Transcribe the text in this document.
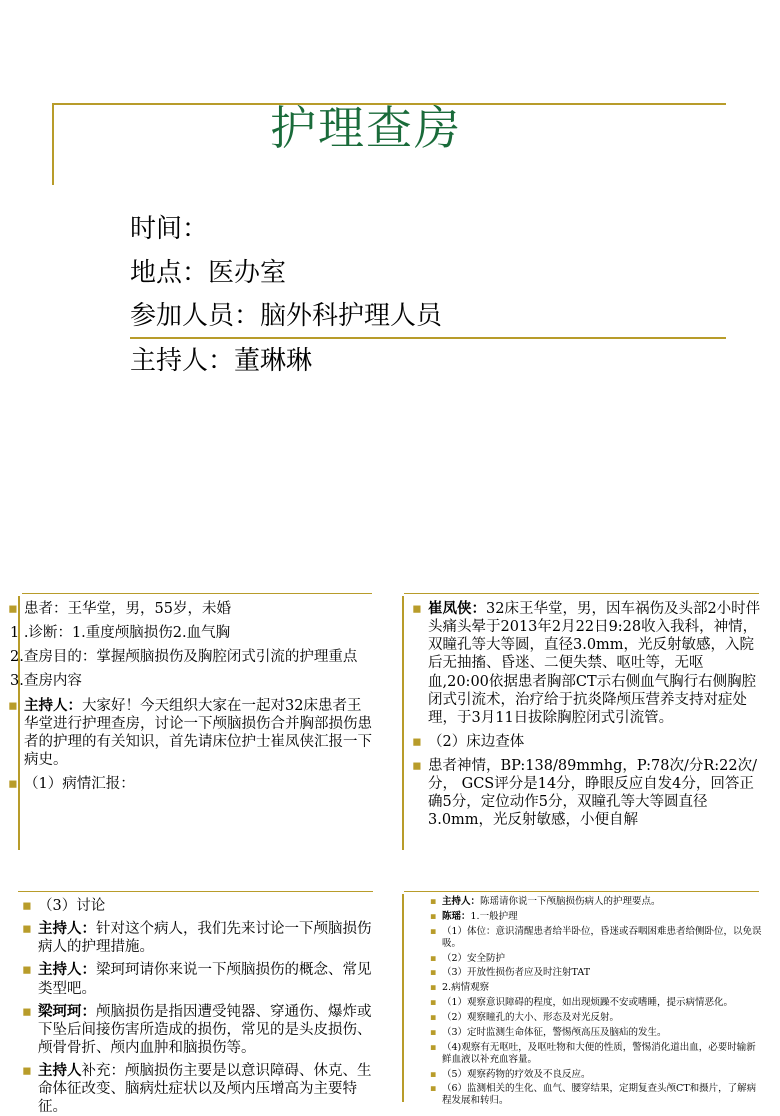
护理查房
时间：
地点：医办室
参加人员：脑外科护理人员
主持人：董琳琳
▪ 患者：王华堂，男，55岁，未婚
1 .诊断：1.重度颅脑损伤2.血气胸
2.查房目的：掌握颅脑损伤及胸腔闭式引流的护理重点
3.查房内容
▪ 主持人：大家好！今天组织大家在一起对32床患者王华堂进行护理查房，讨论一下颅脑损伤合并胸部损伤患者的护理的有关知识，首先请床位护士崔凤侠汇报一下病史。
▪ （1）病情汇报：
▪ 崔凤侠：32床王华堂，男，因车祸伤及头部2小时伴头痛头晕于2013年2月22日9:28收入我科，神情，双瞳孔等大等圆，直径3.0mm，光反射敏感，入院后无抽搐、昏迷、二便失禁、呕吐等，无呕血,20:00依据患者胸部CT示右侧血气胸行右侧胸腔闭式引流术，治疗给于抗炎降颅压营养支持对症处理，于3月11日拔除胸腔闭式引流管。
▪ （2）床边查体
▪ 患者神情，BP:138/89mmhg，P:78次/分R:22次/分， GCS评分是14分，睁眼反应自发4分，回答正确5分，定位动作5分，双瞳孔等大等圆直径3.0mm，光反射敏感，小便自解
▪ （3）讨论
▪ 主持人：针对这个病人，我们先来讨论一下颅脑损伤病人的护理措施。
▪ 主持人：梁珂珂请你来说一下颅脑损伤的概念、常见类型吧。
▪ 梁珂珂：颅脑损伤是指因遭受钝器、穿通伤、爆炸或下坠后间接伤害所造成的损伤，常见的是头皮损伤、颅骨骨折、颅内血肿和脑损伤等。
▪ 主持人补充：颅脑损伤主要是以意识障碍、休克、生命体征改变、脑病灶症状以及颅内压增高为主要特征。
▪ 主持人：陈瑶请你说一下颅脑损伤病人的护理要点。
▪ 陈瑶：1.一般护理
▪ （1）体位：意识清醒患者给半卧位，昏迷或吞咽困难患者给侧卧位，以免误吸。
▪ （2）安全防护
▪ （3）开放性损伤者应及时注射TAT
▪ 2.病情观察
▪ （1）观察意识障碍的程度，如出现烦躁不安或嗜睡，提示病情恶化。
▪ （2）观察瞳孔的大小、形态及对光反射。
▪ （3）定时监测生命体征，警惕颅高压及脑疝的发生。
▪ （4)观察有无呕吐，及呕吐物和大便的性质，警惕消化道出血，必要时输新鲜血液以补充血容量。
▪ （5）观察药物的疗效及不良反应。
▪ （6）监测相关的生化、血气、腰穿结果，定期复查头颅CT和摄片，了解病程发展和转归。
